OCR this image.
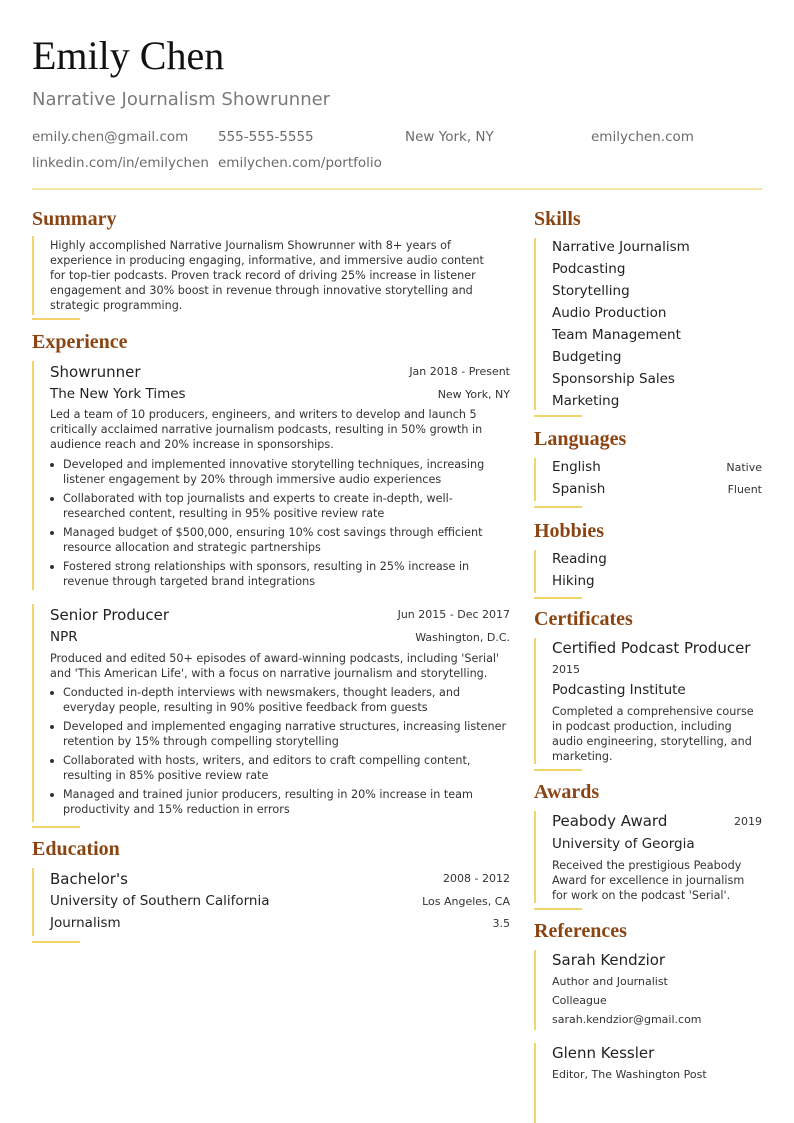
Emily Chen
Narrative Journalism Showrunner
emily.chen@gmail.com 555-555-5555	New York, NY	emilychen.com
linkedin.com/in/emilychen emilychen.com/portfolio
Summary

Highly accomplished Narrative Journalism Showrunner with 8+ years of

experience in producing engaging, informative, and immersive audio content

for top-tier podcasts. Proven track record of driving 25% increase in listener

engagement and 30% boost in revenue through innovative storytelling and

strategic programming.

Experience
Showrunner	Jan 2018 - Present
The New York Times	New York, NY

Led a team of 10 producers, engineers, and writers to develop and launch 5

critically acclaimed narrative journalism podcasts, resulting in 50% growth in

audience reach and 20% increase in sponsorships.

Developed and implemented innovative storytelling techniques, increasing

listener engagement by 20% through immersive audio experiences

Collaborated with top journalists and experts to create in-depth, well-

researched content, resulting in 95% positive review rate

Managed budget of $500,000, ensuring 10% cost savings through efficient

resource allocation and strategic partnerships

Fostered strong relationships with sponsors, resulting in 25% increase in

revenue through targeted brand integrations

Senior Producer	Jun 2015 - Dec 2017
NPR	Washington, D.C.

Produced and edited 50+ episodes of award-winning podcasts, including 'Serial'

and 'This American Life', with a focus on narrative journalism and storytelling.

Conducted in-depth interviews with newsmakers, thought leaders, and

everyday people, resulting in 90% positive feedback from guests

Developed and implemented engaging narrative structures, increasing listener

retention by 15% through compelling storytelling

Collaborated with hosts, writers, and editors to craft compelling content,

resulting in 85% positive review rate

Managed and trained junior producers, resulting in 20% increase in team

productivity and 15% reduction in errors

Education
Bachelor's	2008 - 2012
University of Southern California	Los Angeles, CA
Journalism	3.5
Skills
Narrative Journalism
Podcasting
Storytelling
Audio Production
Team Management
Budgeting
Sponsorship Sales
Marketing
Languages
English	Native
Spanish	Fluent
Hobbies
Reading
Hiking
Certificates
Certified Podcast Producer
2015
Podcasting Institute

Completed a comprehensive course

in podcast production, including

audio engineering, storytelling, and

marketing.

Awards
Peabody Award	2019
University of Georgia

Received the prestigious Peabody

Award for excellence in journalism

for work on the podcast 'Serial'.

References
Sarah Kendzior
Author and Journalist
Colleague
sarah.kendzior@gmail.com
Glenn Kessler
Editor, The Washington Post
